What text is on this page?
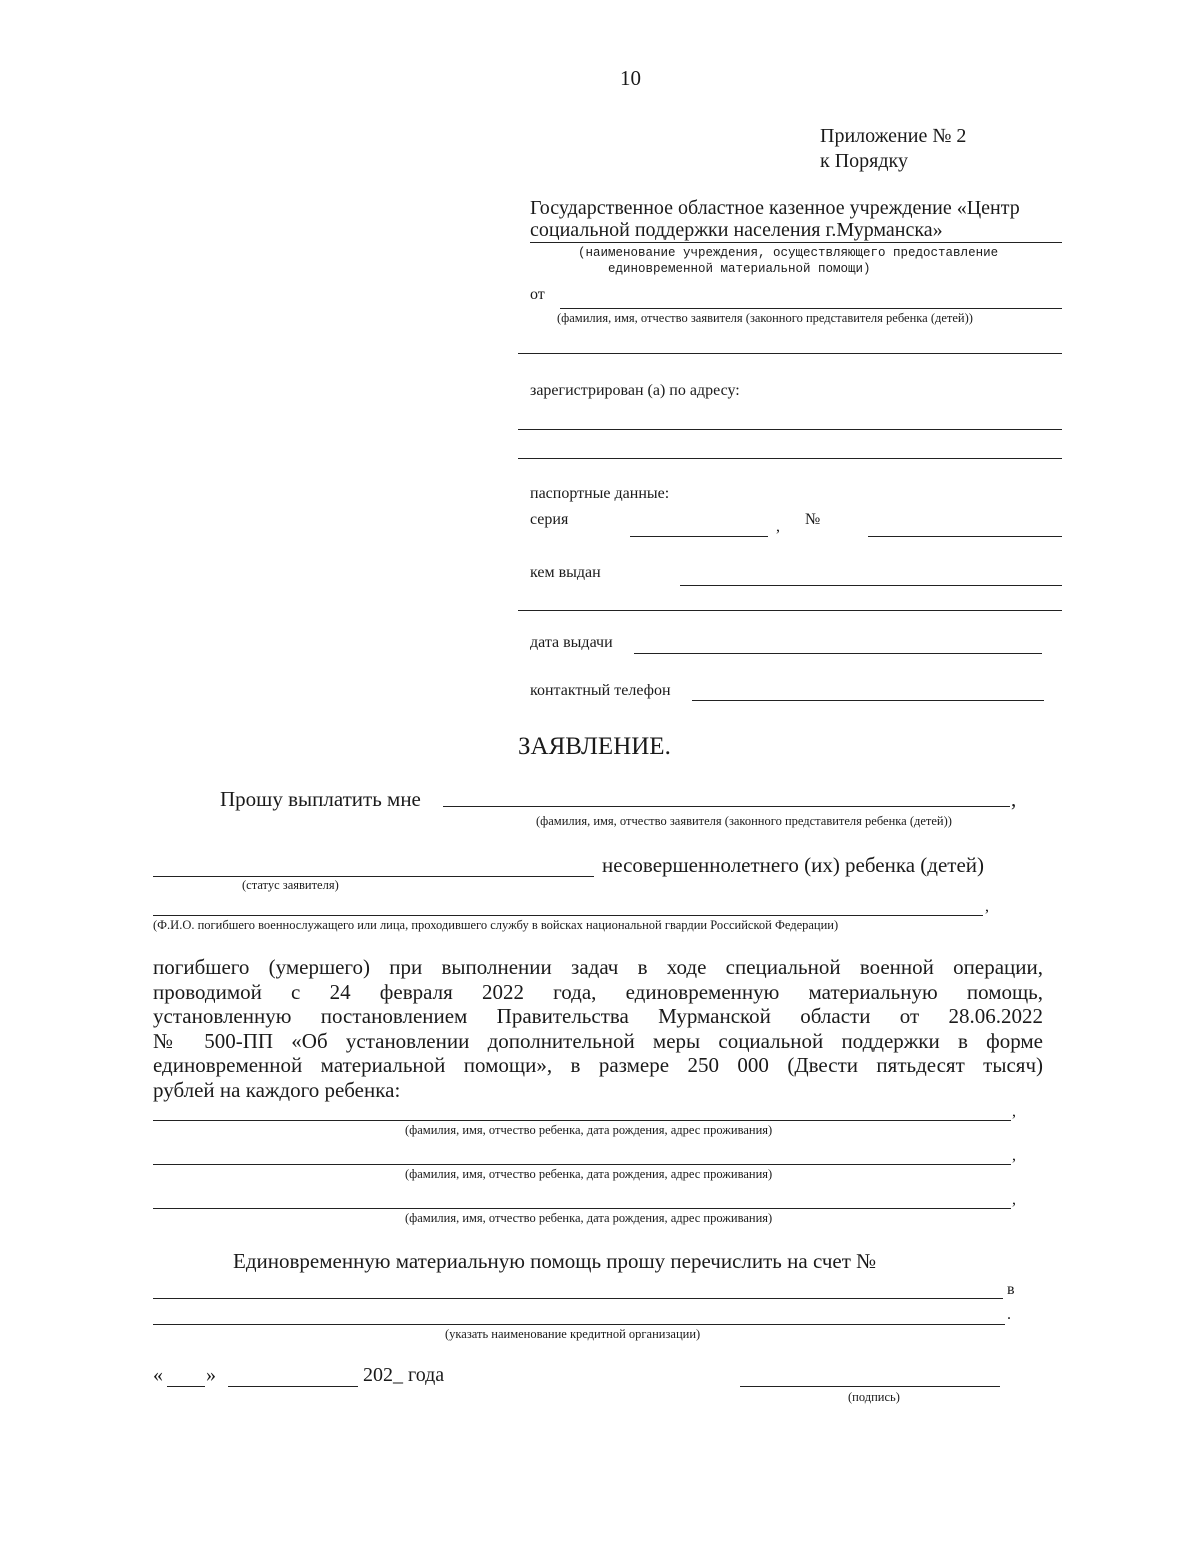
10
Приложение № 2
к Порядку
Государственное областное казенное учреждение «Центр
социальной поддержки населения г.Мурманска»
(наименование учреждения, осуществляющего предоставление
единовременной материальной помощи)
от
(фамилия, имя, отчество заявителя (законного представителя ребенка (детей))
зарегистрирован (а) по адресу:
паспортные данные:
серия	, №
кем выдан
дата выдачи
контактный телефон
ЗАЯВЛЕНИЕ.
Прошу выплатить мне	,
(фамилия, имя, отчество заявителя (законного представителя ребенка (детей))
несовершеннолетнего (их) ребенка (детей)
(статус заявителя)
,
(Ф.И.О. погибшего военнослужащего или лица, проходившего службу в войсках национальной гвардии Российской Федерации)
погибшего (умершего) при выполнении задач в ходе специальной военной операции,
проводимой с 24 февраля 2022 года, единовременную материальную помощь,
установленную постановлением Правительства Мурманской области от 28.06.2022
№ 500-ПП «Об установлении дополнительной меры социальной поддержки в форме
единовременной материальной помощи», в размере 250 000 (Двести пятьдесят тысяч)
рублей на каждого ребенка:
,
(фамилия, имя, отчество ребенка, дата рождения, адрес проживания)
,
(фамилия, имя, отчество ребенка, дата рождения, адрес проживания)
,
(фамилия, имя, отчество ребенка, дата рождения, адрес проживания)
Единовременную материальную помощь прошу перечислить на счет №
в
.
(указать наименование кредитной организации)
« »	202_ года
(подпись)
